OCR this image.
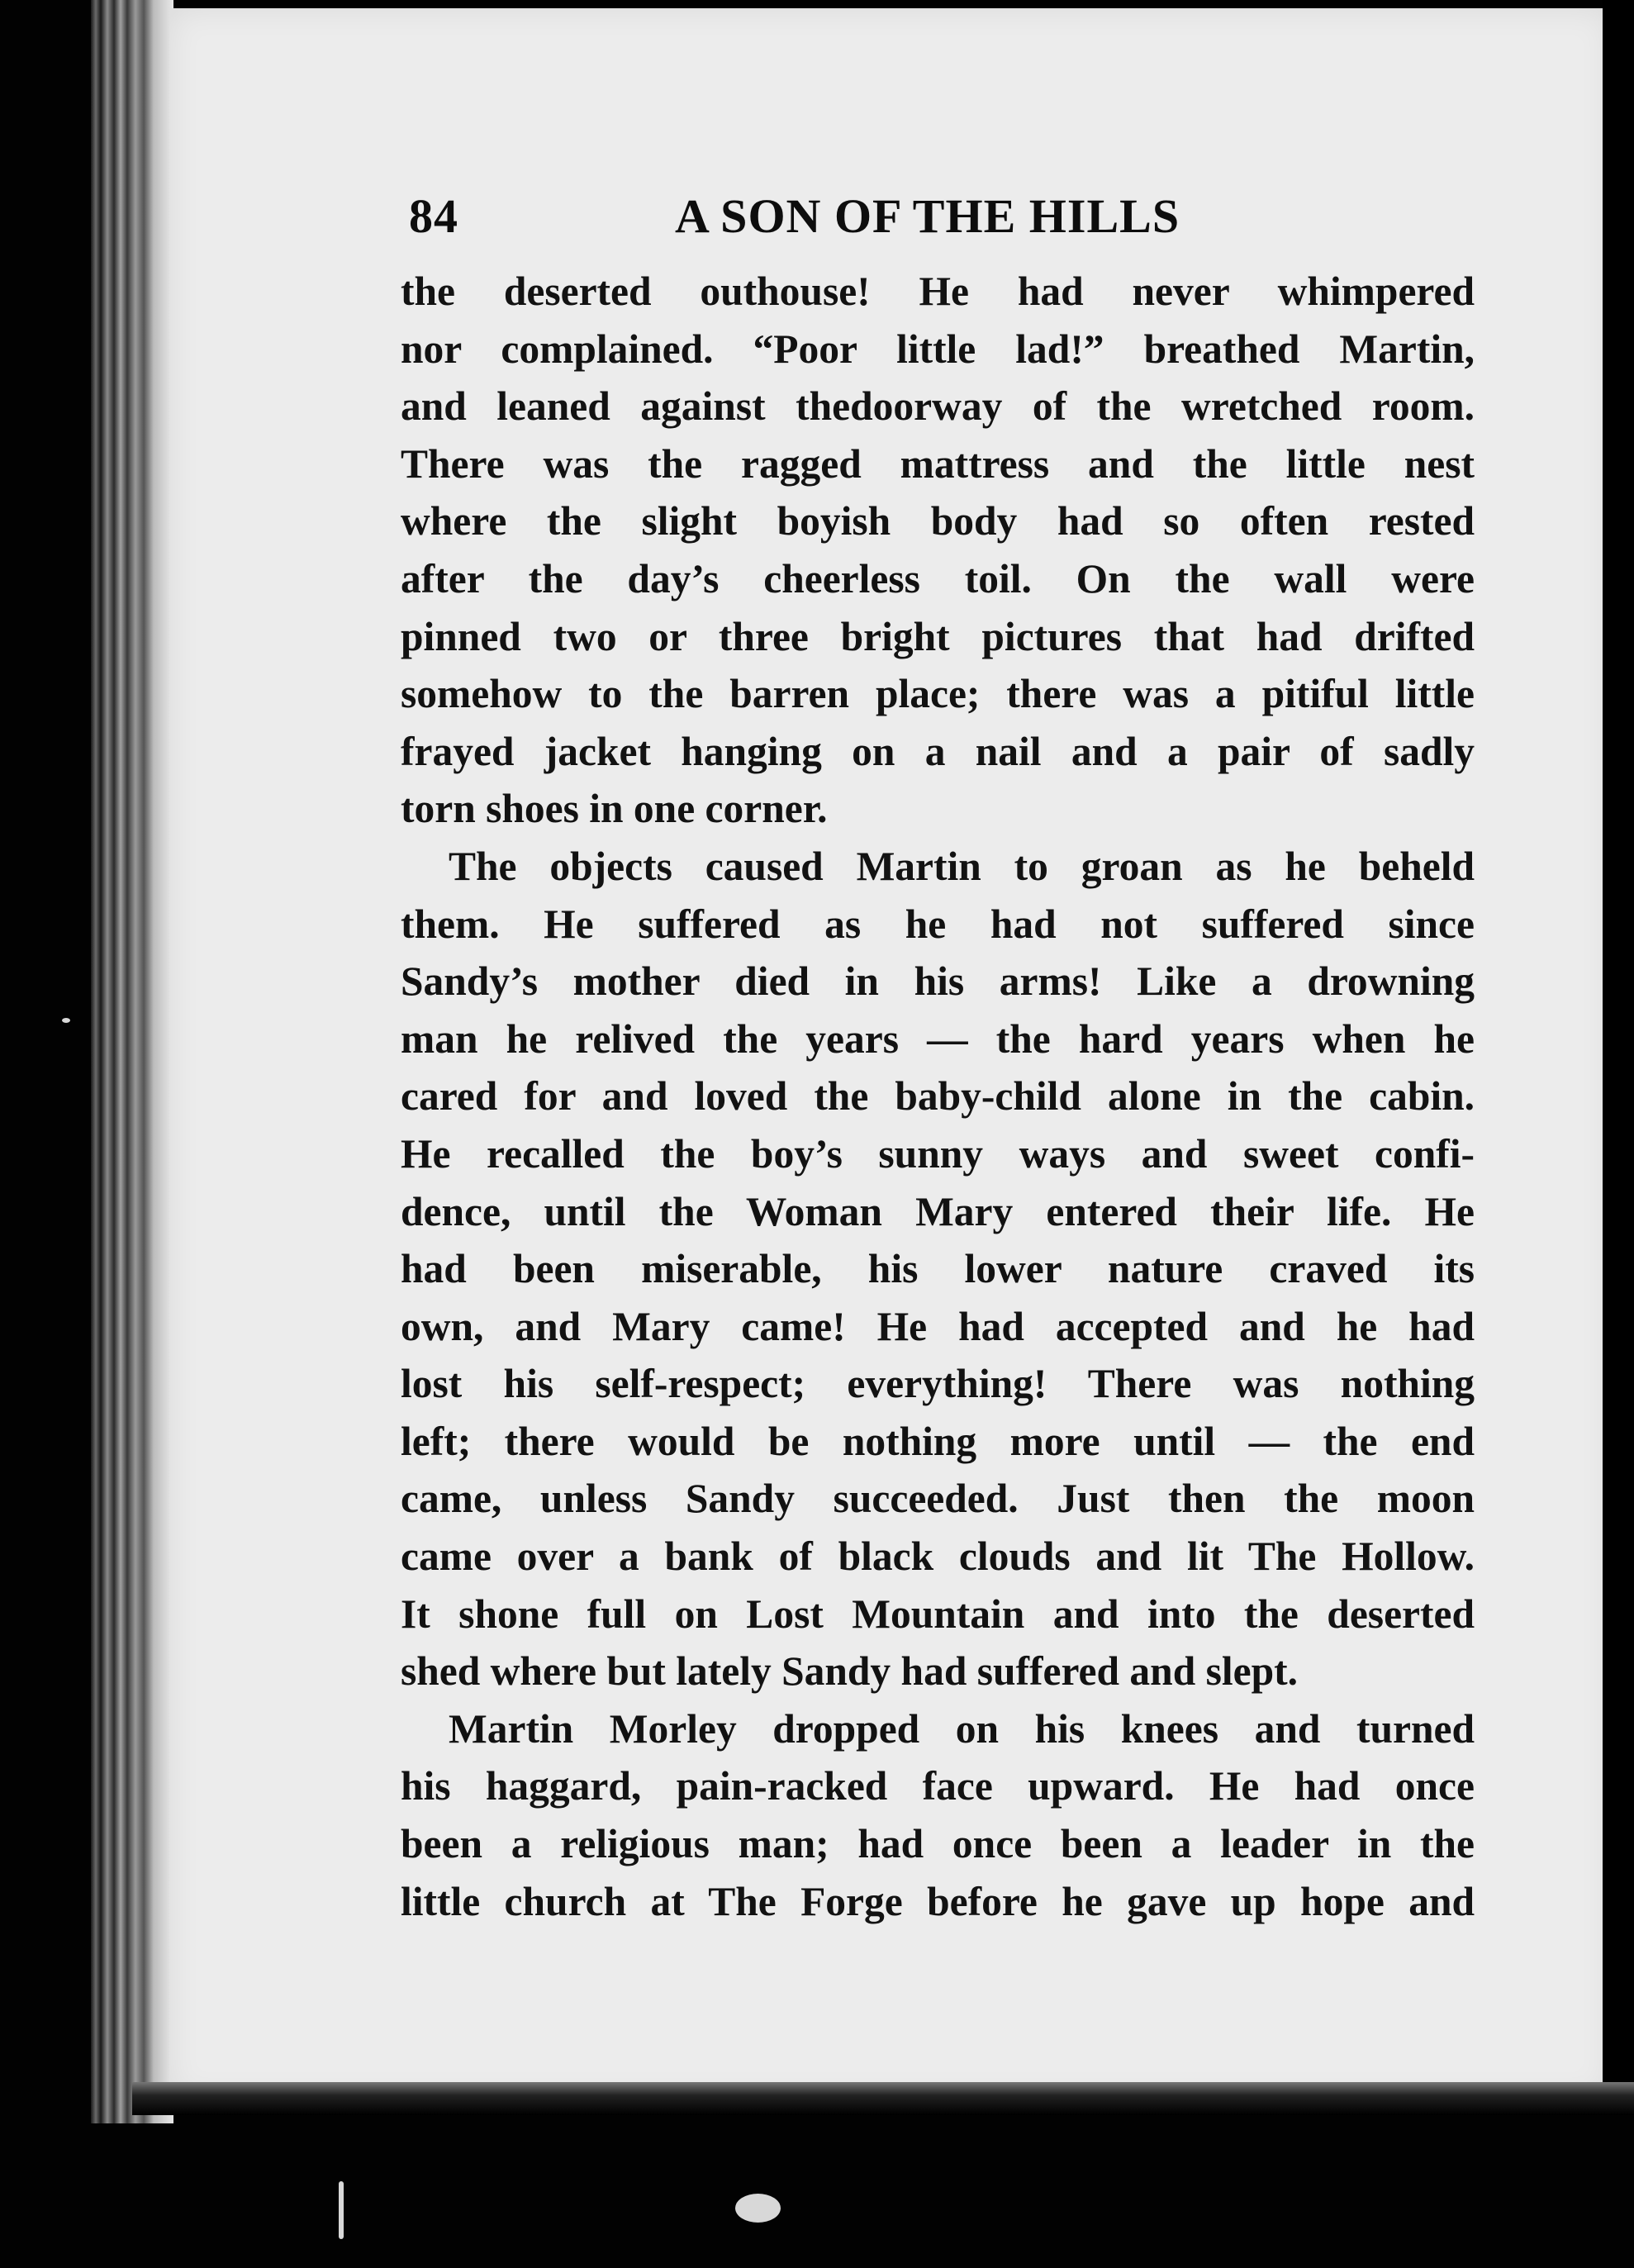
84	A SON OF THE HILLS
the deserted outhouse! He had never whimpered
nor complained. “Poor little lad!” breathed Martin,
and leaned against thedoorway of the wretched room.
There was the ragged mattress and the little nest
where the slight boyish body had so often rested
after the day’s cheerless toil. On the wall were
pinned two or three bright pictures that had drifted
somehow to the barren place; there was a pitiful little
frayed jacket hanging on a nail and a pair of sadly
torn shoes in one corner.
The objects caused Martin to groan as he beheld
them. He suffered as he had not suffered since
Sandy’s mother died in his arms! Like a drowning
man he relived the years — the hard years when he
cared for and loved the baby-child alone in the cabin.
He recalled the boy’s sunny ways and sweet confi-
dence, until the Woman Mary entered their life. He
had been miserable, his lower nature craved its
own, and Mary came! He had accepted and he had
lost his self-respect; everything! There was nothing
left; there would be nothing more until — the end
came, unless Sandy succeeded. Just then the moon
came over a bank of black clouds and lit The Hollow.
It shone full on Lost Mountain and into the deserted
shed where but lately Sandy had suffered and slept.
Martin Morley dropped on his knees and turned
his haggard, pain-racked face upward. He had once
been a religious man; had once been a leader in the
little church at The Forge before he gave up hope and
